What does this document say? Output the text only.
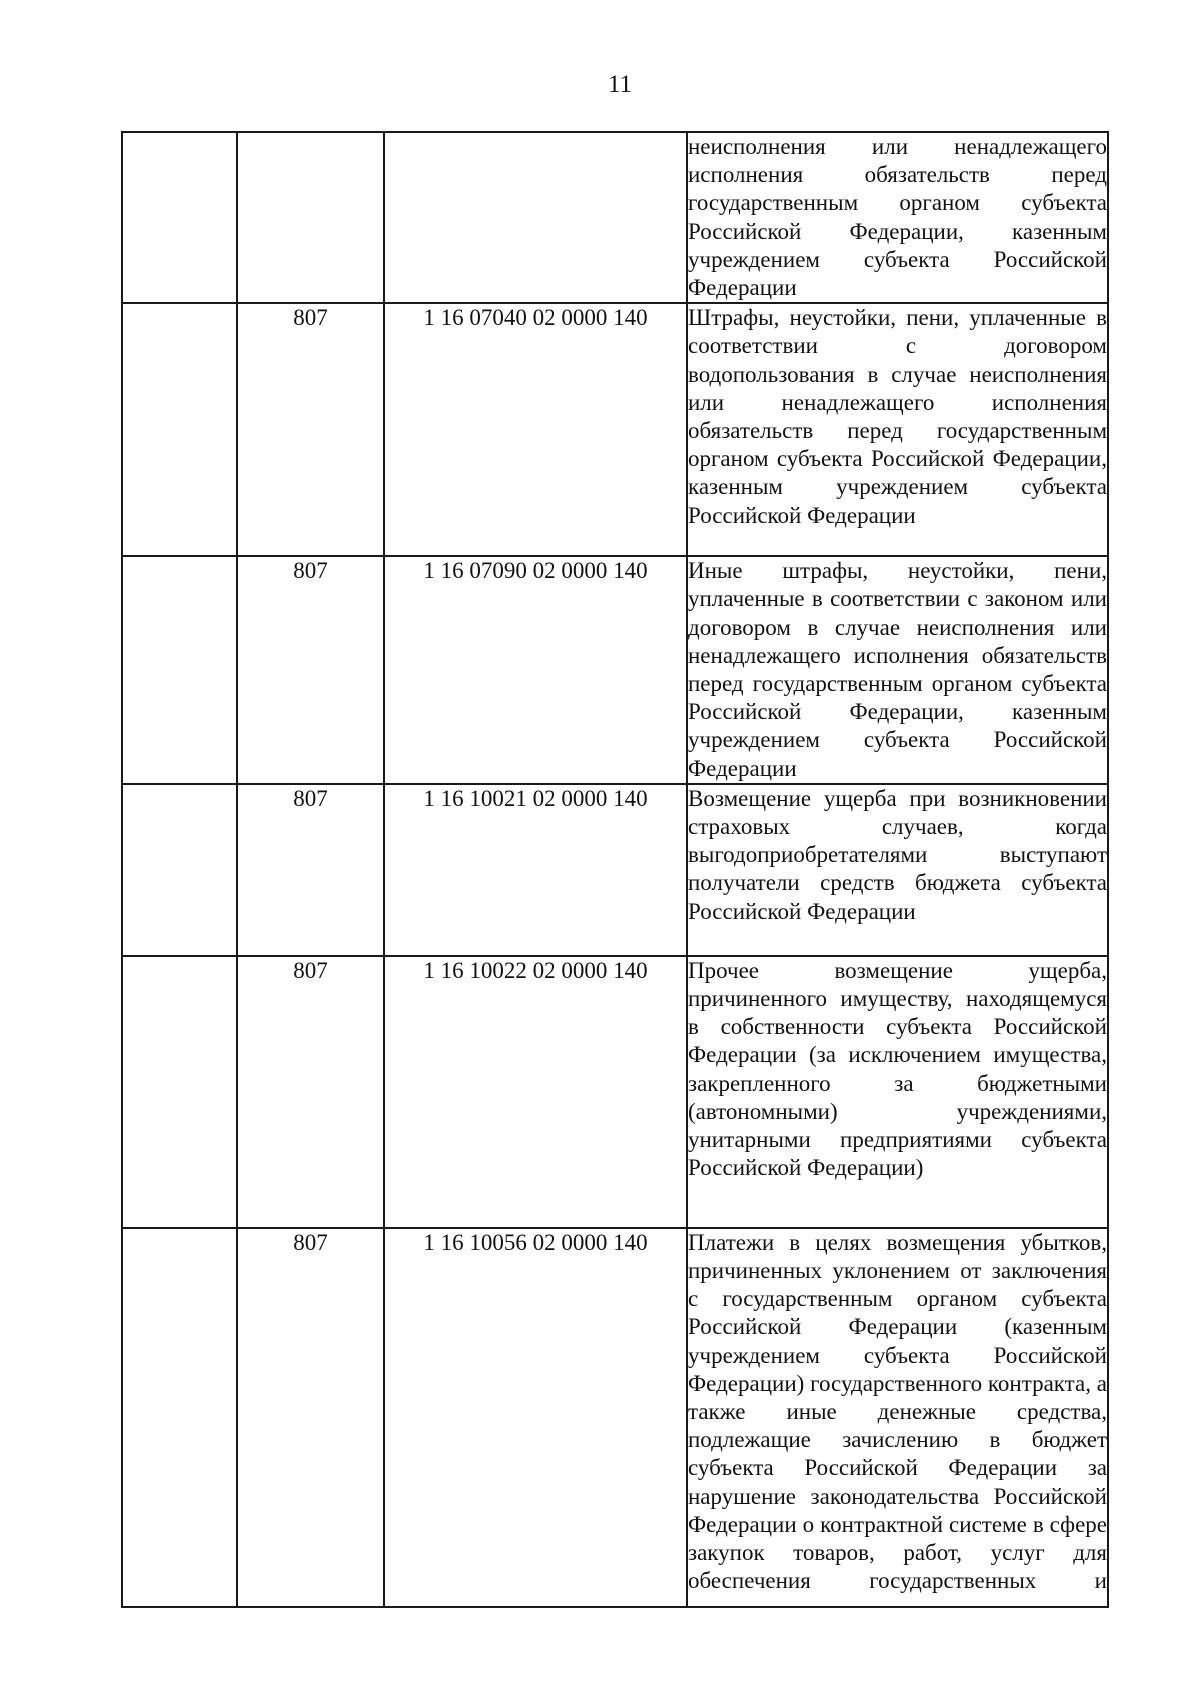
11

			неисполнения или ненадлежащего исполнения обязательств перед государственным органом субъекта Российской Федерации, казенным учреждением субъекта Российской Федерации

	807	1 16 07040 02 0000 140	Штрафы, неустойки, пени, уплаченные в соответствии с договором водопользования в случае неисполнения или ненадлежащего исполнения обязательств перед государственным органом субъекта Российской Федерации, казенным учреждением субъекта Российской Федерации

	807	1 16 07090 02 0000 140	Иные штрафы, неустойки, пени, уплаченные в соответствии с законом или договором в случае неисполнения или ненадлежащего исполнения обязательств перед государственным органом субъекта Российской Федерации, казенным учреждением субъекта Российской Федерации

	807	1 16 10021 02 0000 140	Возмещение ущерба при возникновении страховых случаев, когда выгодоприобретателями выступают получатели средств бюджета субъекта Российской Федерации

	807	1 16 10022 02 0000 140	Прочее возмещение ущерба, причиненного имуществу, находящемуся в собственности субъекта Российской Федерации (за исключением имущества, закрепленного за бюджетными (автономными) учреждениями, унитарными предприятиями субъекта Российской Федерации)

	807	1 16 10056 02 0000 140	Платежи в целях возмещения убытков, причиненных уклонением от заключения с государственным органом субъекта Российской Федерации (казенным учреждением субъекта Российской Федерации) государственного контракта, а также иные денежные средства, подлежащие зачислению в бюджет субъекта Российской Федерации за нарушение законодательства Российской Федерации о контрактной системе в сфере закупок товаров, работ, услуг для обеспечения государственных и
